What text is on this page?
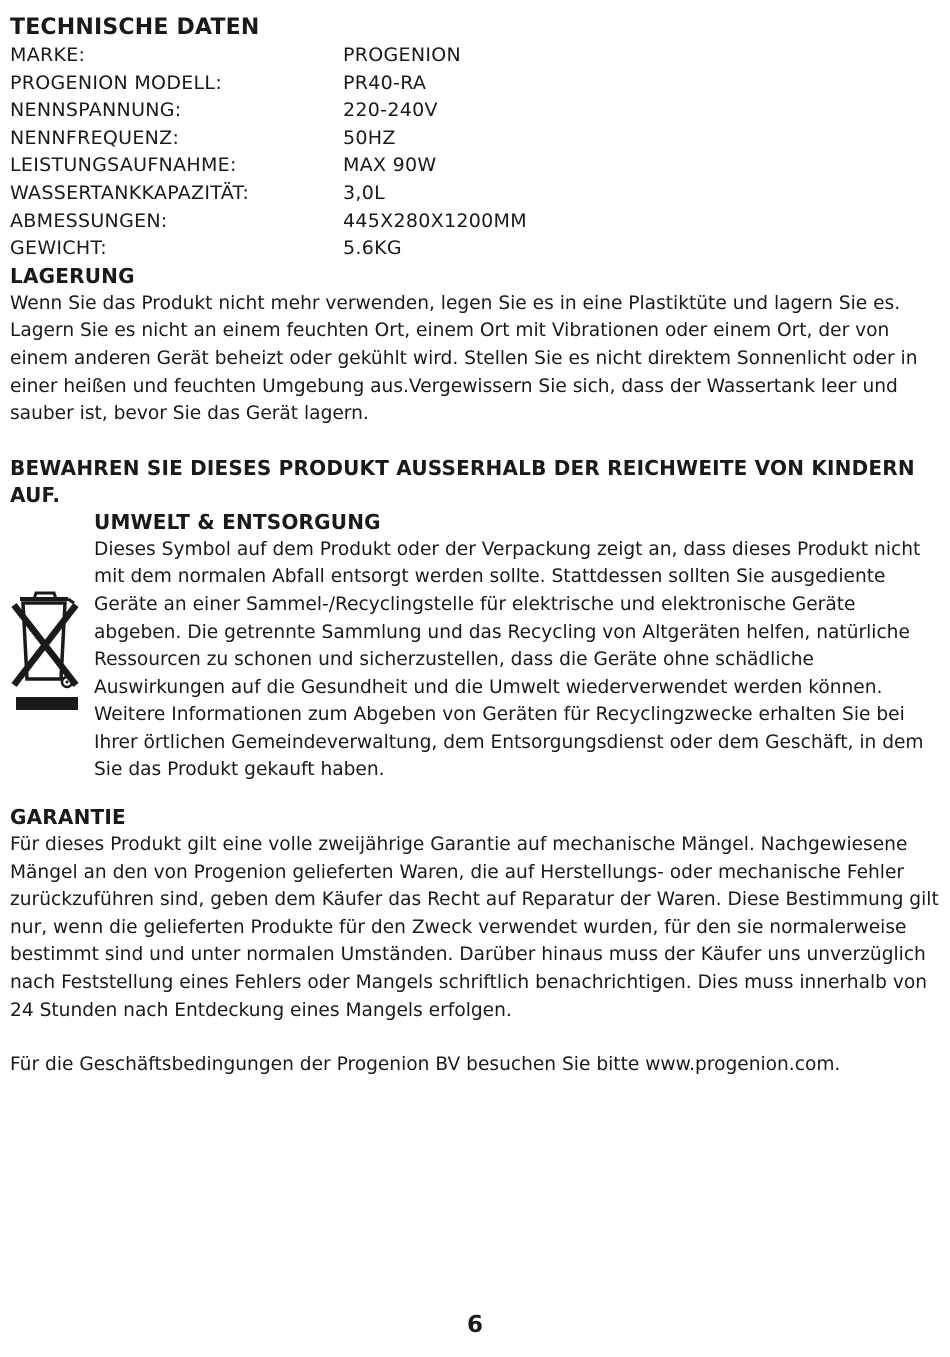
TECHNISCHE DATEN
MARKE:	PROGENION
PROGENION MODELL:	PR40-RA
NENNSPANNUNG:	220-240V
NENNFREQUENZ:	50HZ
LEISTUNGSAUFNAHME:	MAX 90W
WASSERTANKKAPAZITÄT:	3,0L
ABMESSUNGEN:	445X280X1200MM
GEWICHT:	5.6KG
LAGERUNG

Wenn Sie das Produkt nicht mehr verwenden, legen Sie es in eine Plastiktüte und lagern Sie es. Lagern Sie es nicht an einem feuchten Ort, einem Ort mit Vibrationen oder einem Ort, der von einem anderen Gerät beheizt oder gekühlt wird. Stellen Sie es nicht direktem Sonnenlicht oder in einer heißen und feuchten Umgebung aus.Vergewissern Sie sich, dass der Wassertank leer und sauber ist, bevor Sie das Gerät lagern.

BEWAHREN SIE DIESES PRODUKT AUSSERHALB DER REICHWEITE VON KINDERN AUF.

UMWELT & ENTSORGUNG

Dieses Symbol auf dem Produkt oder der Verpackung zeigt an, dass dieses Produkt nicht mit dem normalen Abfall entsorgt werden sollte. Stattdessen sollten Sie ausgediente Geräte an einer Sammel-/Recyclingstelle für elektrische und elektronische Geräte abgeben. Die getrennte Sammlung und das Recycling von Altgeräten helfen, natürliche Ressourcen zu schonen und sicherzustellen, dass die Geräte ohne schädliche Auswirkungen auf die Gesundheit und die Umwelt wiederverwendet werden können. Weitere Informationen zum Abgeben von Geräten für Recyclingzwecke erhalten Sie bei Ihrer örtlichen Gemeindeverwaltung, dem Entsorgungsdienst oder dem Geschäft, in dem Sie das Produkt gekauft haben.

GARANTIE

Für dieses Produkt gilt eine volle zweijährige Garantie auf mechanische Mängel. Nachgewiesene Mängel an den von Progenion gelieferten Waren, die auf Herstellungs- oder mechanische Fehler zurückzuführen sind, geben dem Käufer das Recht auf Reparatur der Waren. Diese Bestimmung gilt nur, wenn die gelieferten Produkte für den Zweck verwendet wurden, für den sie normalerweise bestimmt sind und unter normalen Umständen. Darüber hinaus muss der Käufer uns unverzüglich nach Feststellung eines Fehlers oder Mangels schriftlich benachrichtigen. Dies muss innerhalb von 24 Stunden nach Entdeckung eines Mangels erfolgen.

Für die Geschäftsbedingungen der Progenion BV besuchen Sie bitte www.progenion.com.

6
